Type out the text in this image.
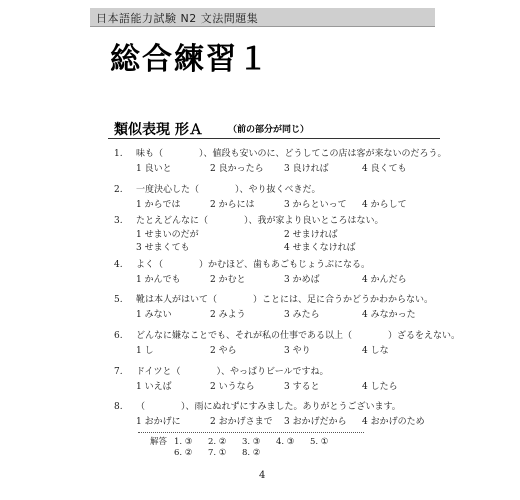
日本語能力試験 N2 文法問題集
総合練習１
類似表現 形Ａ	（前の部分が同じ）
1. 味も（　　　　）、値段も安いのに、どうしてこの店は客が来ないのだろう。
1 良いと	2 良かったら 3 良ければ	4 良くても
2. 一度決心した（　　　　）、やり抜くべきだ。
1 からでは	2 からには	3 からといって 4 からして
3. たとえどんなに（　　　　）、我が家より良いところはない。
1 せまいのだが	2 せまければ
3 せまくても	4 せまくなければ
4. よく（　　　　）かむほど、歯もあごもじょうぶになる。
1 かんでも	2 かむと	3 かめば	4 かんだら
5. 靴は本人がはいて（　　　　）ことには、足に合うかどうかわからない。
1 みない	2 みよう	3 みたら	4 みなかった
6. どんなに嫌なことでも、それが私の仕事である以上（　　　　）ざるをえない。
1 し	2 やら	3 やり	4 しな
7. ドイツと（　　　　）、やっぱりビールですね。
1 いえば	2 いうなら	3 すると	4 したら
8. （　　　　）、雨にぬれずにすみました。ありがとうございます。
1 おかげに	2 おかげさまで 3 おかげだから 4 おかげのため
解答 1. ③ 2. ② 3. ③ 4. ③ 5. ①
6. ② 7. ① 8. ②
4
